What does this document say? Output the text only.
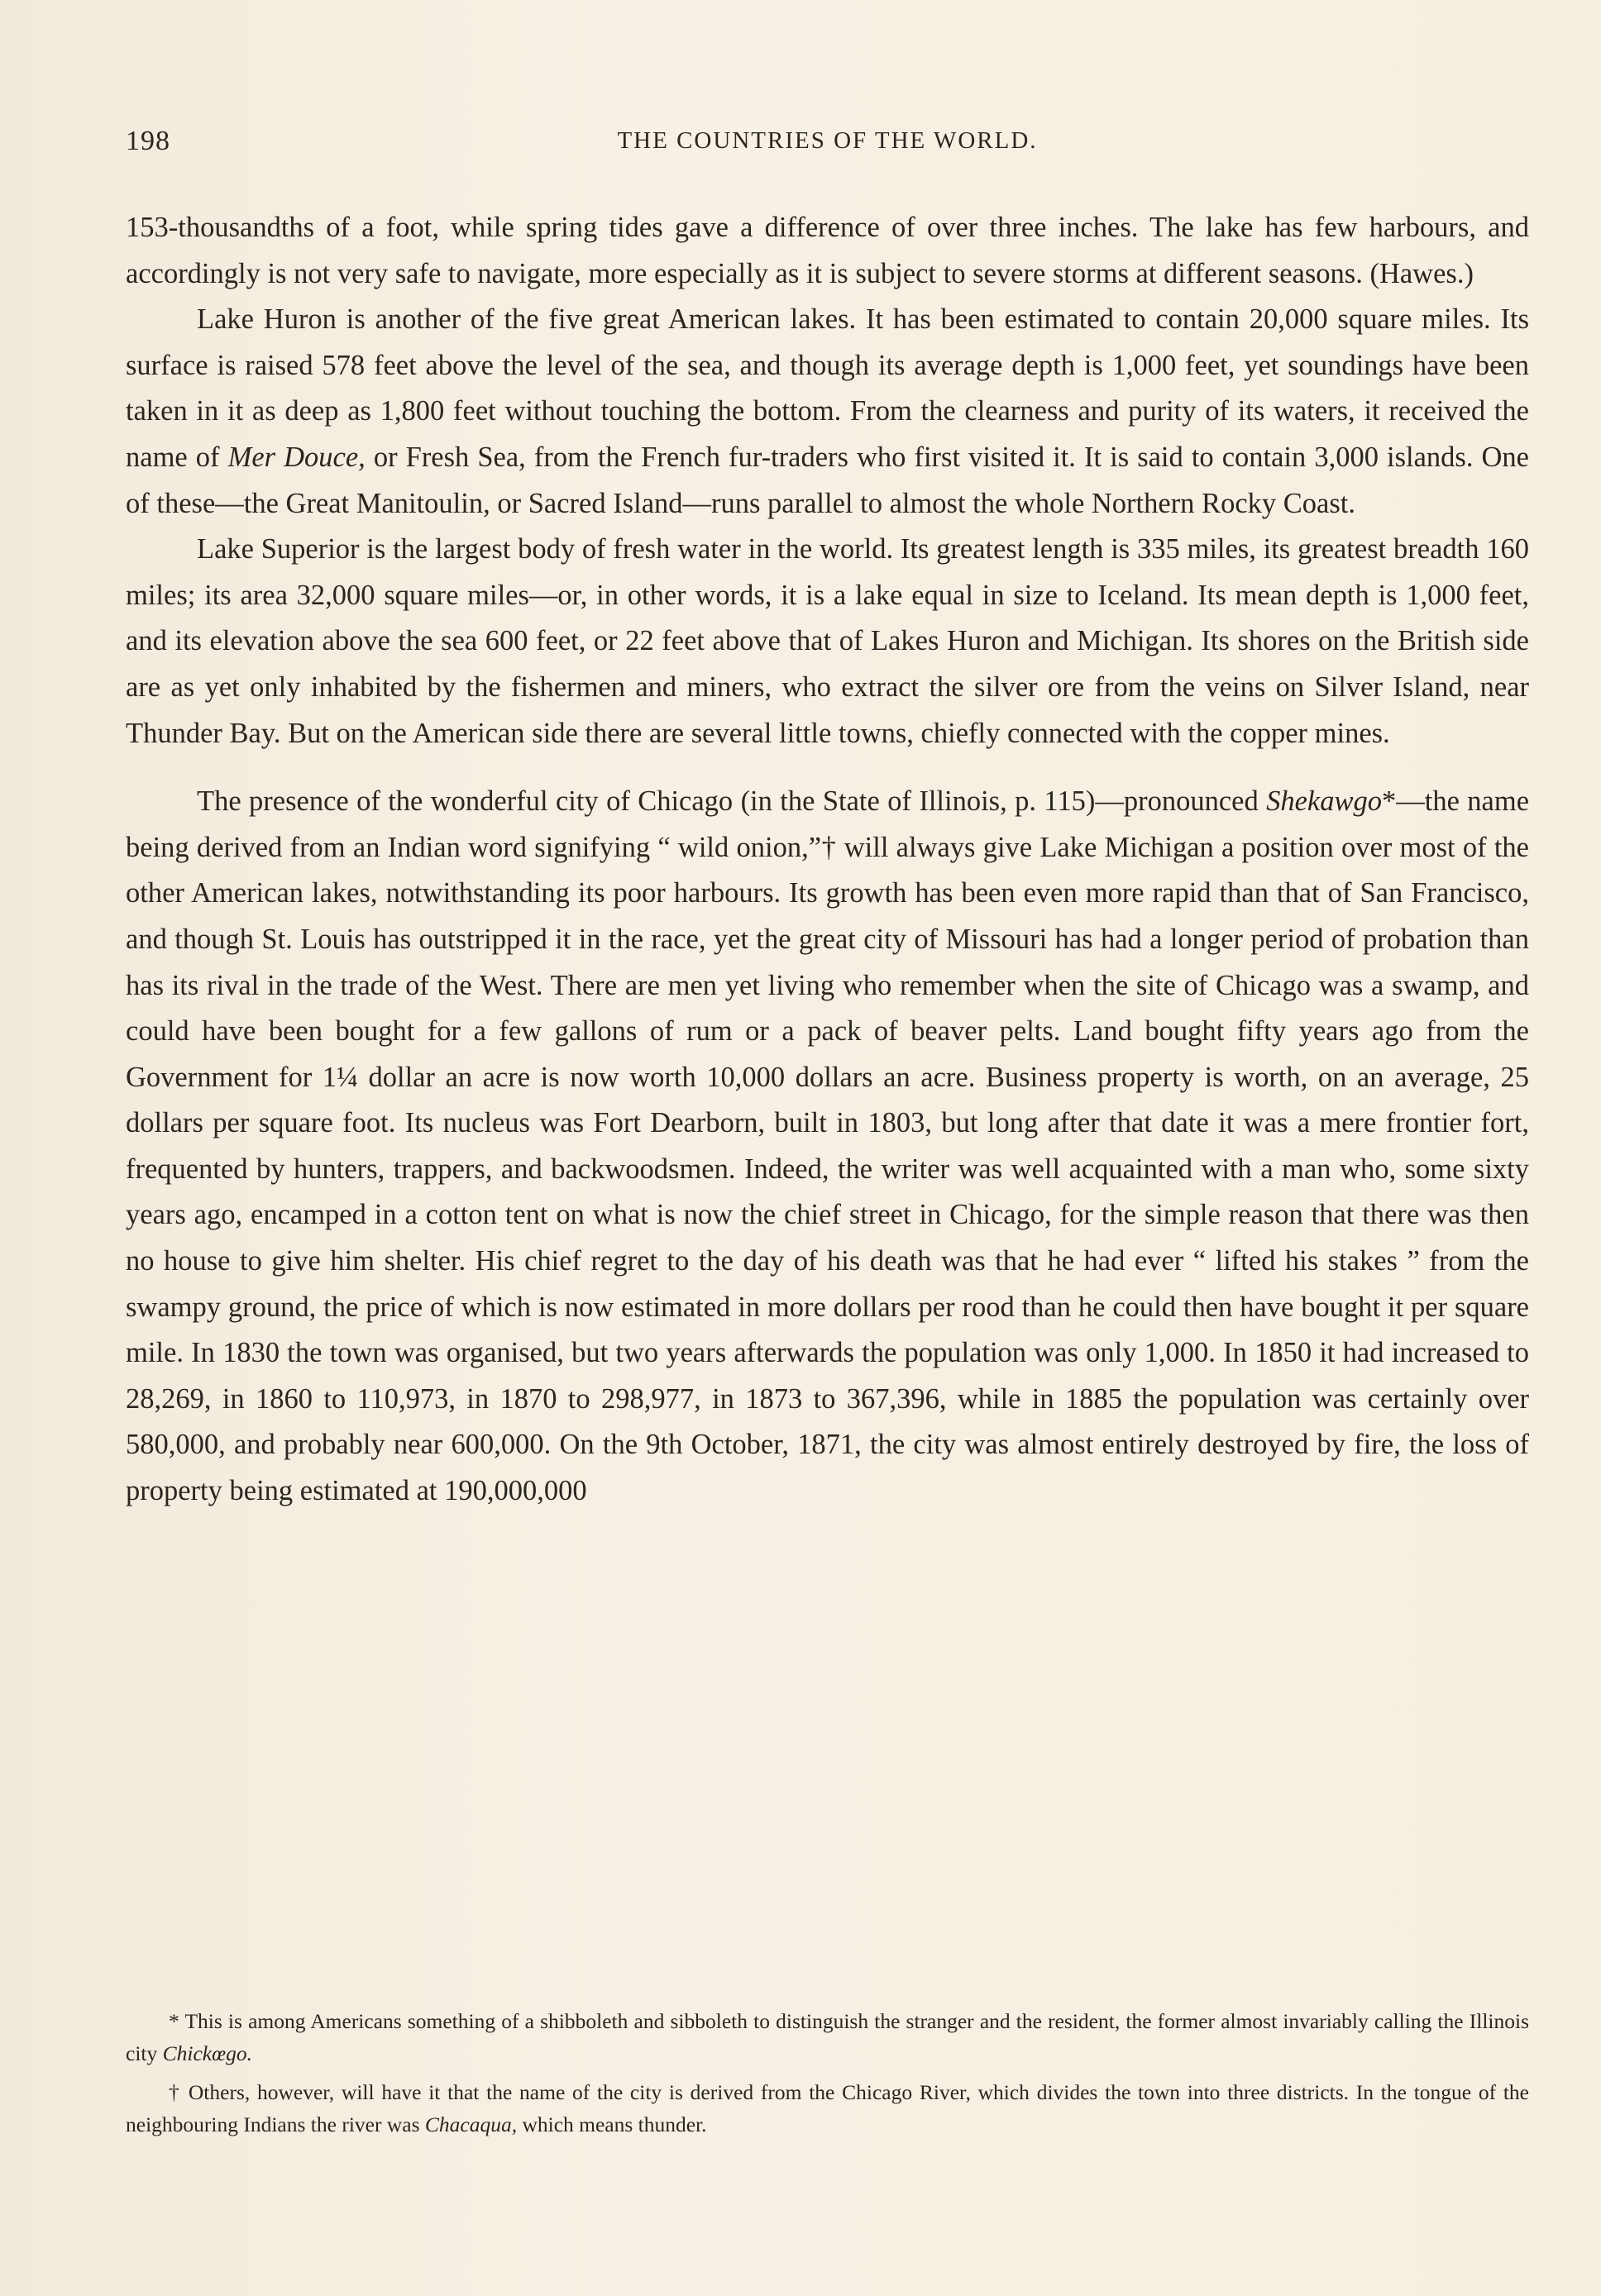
198	THE COUNTRIES OF THE WORLD.

153-thousandths of a foot, while spring tides gave a difference of over three inches. The lake has few harbours, and accordingly is not very safe to navigate, more especially as it is subject to severe storms at different seasons. (Hawes.)

Lake Huron is another of the five great American lakes. It has been estimated to contain 20,000 square miles. Its surface is raised 578 feet above the level of the sea, and though its average depth is 1,000 feet, yet soundings have been taken in it as deep as 1,800 feet without touching the bottom. From the clearness and purity of its waters, it received the name of Mer Douce, or Fresh Sea, from the French fur-traders who first visited it. It is said to contain 3,000 islands. One of these—the Great Manitoulin, or Sacred Island—runs parallel to almost the whole Northern Rocky Coast.

Lake Superior is the largest body of fresh water in the world. Its greatest length is 335 miles, its greatest breadth 160 miles; its area 32,000 square miles—or, in other words, it is a lake equal in size to Iceland. Its mean depth is 1,000 feet, and its elevation above the sea 600 feet, or 22 feet above that of Lakes Huron and Michigan. Its shores on the British side are as yet only inhabited by the fishermen and miners, who extract the silver ore from the veins on Silver Island, near Thunder Bay. But on the American side there are several little towns, chiefly connected with the copper mines.

The presence of the wonderful city of Chicago (in the State of Illinois, p. 115)—pronounced Shekawgo*—the name being derived from an Indian word signifying “ wild onion,”† will always give Lake Michigan a position over most of the other American lakes, notwithstanding its poor harbours. Its growth has been even more rapid than that of San Francisco, and though St. Louis has outstripped it in the race, yet the great city of Missouri has had a longer period of probation than has its rival in the trade of the West. There are men yet living who remember when the site of Chicago was a swamp, and could have been bought for a few gallons of rum or a pack of beaver pelts. Land bought fifty years ago from the Government for 1¼ dollar an acre is now worth 10,000 dollars an acre. Business property is worth, on an average, 25 dollars per square foot. Its nucleus was Fort Dearborn, built in 1803, but long after that date it was a mere frontier fort, frequented by hunters, trappers, and backwoodsmen. Indeed, the writer was well acquainted with a man who, some sixty years ago, encamped in a cotton tent on what is now the chief street in Chicago, for the simple reason that there was then no house to give him shelter. His chief regret to the day of his death was that he had ever “ lifted his stakes ” from the swampy ground, the price of which is now estimated in more dollars per rood than he could then have bought it per square mile. In 1830 the town was organised, but two years afterwards the population was only 1,000. In 1850 it had increased to 28,269, in 1860 to 110,973, in 1870 to 298,977, in 1873 to 367,396, while in 1885 the population was certainly over 580,000, and probably near 600,000. On the 9th October, 1871, the city was almost entirely destroyed by fire, the loss of property being estimated at 190,000,000

* This is among Americans something of a shibboleth and sibboleth to distinguish the stranger and the resident, the former almost invariably calling the Illinois city Chickœgo.

† Others, however, will have it that the name of the city is derived from the Chicago River, which divides the town into three districts. In the tongue of the neighbouring Indians the river was Chacaqua, which means thunder.
